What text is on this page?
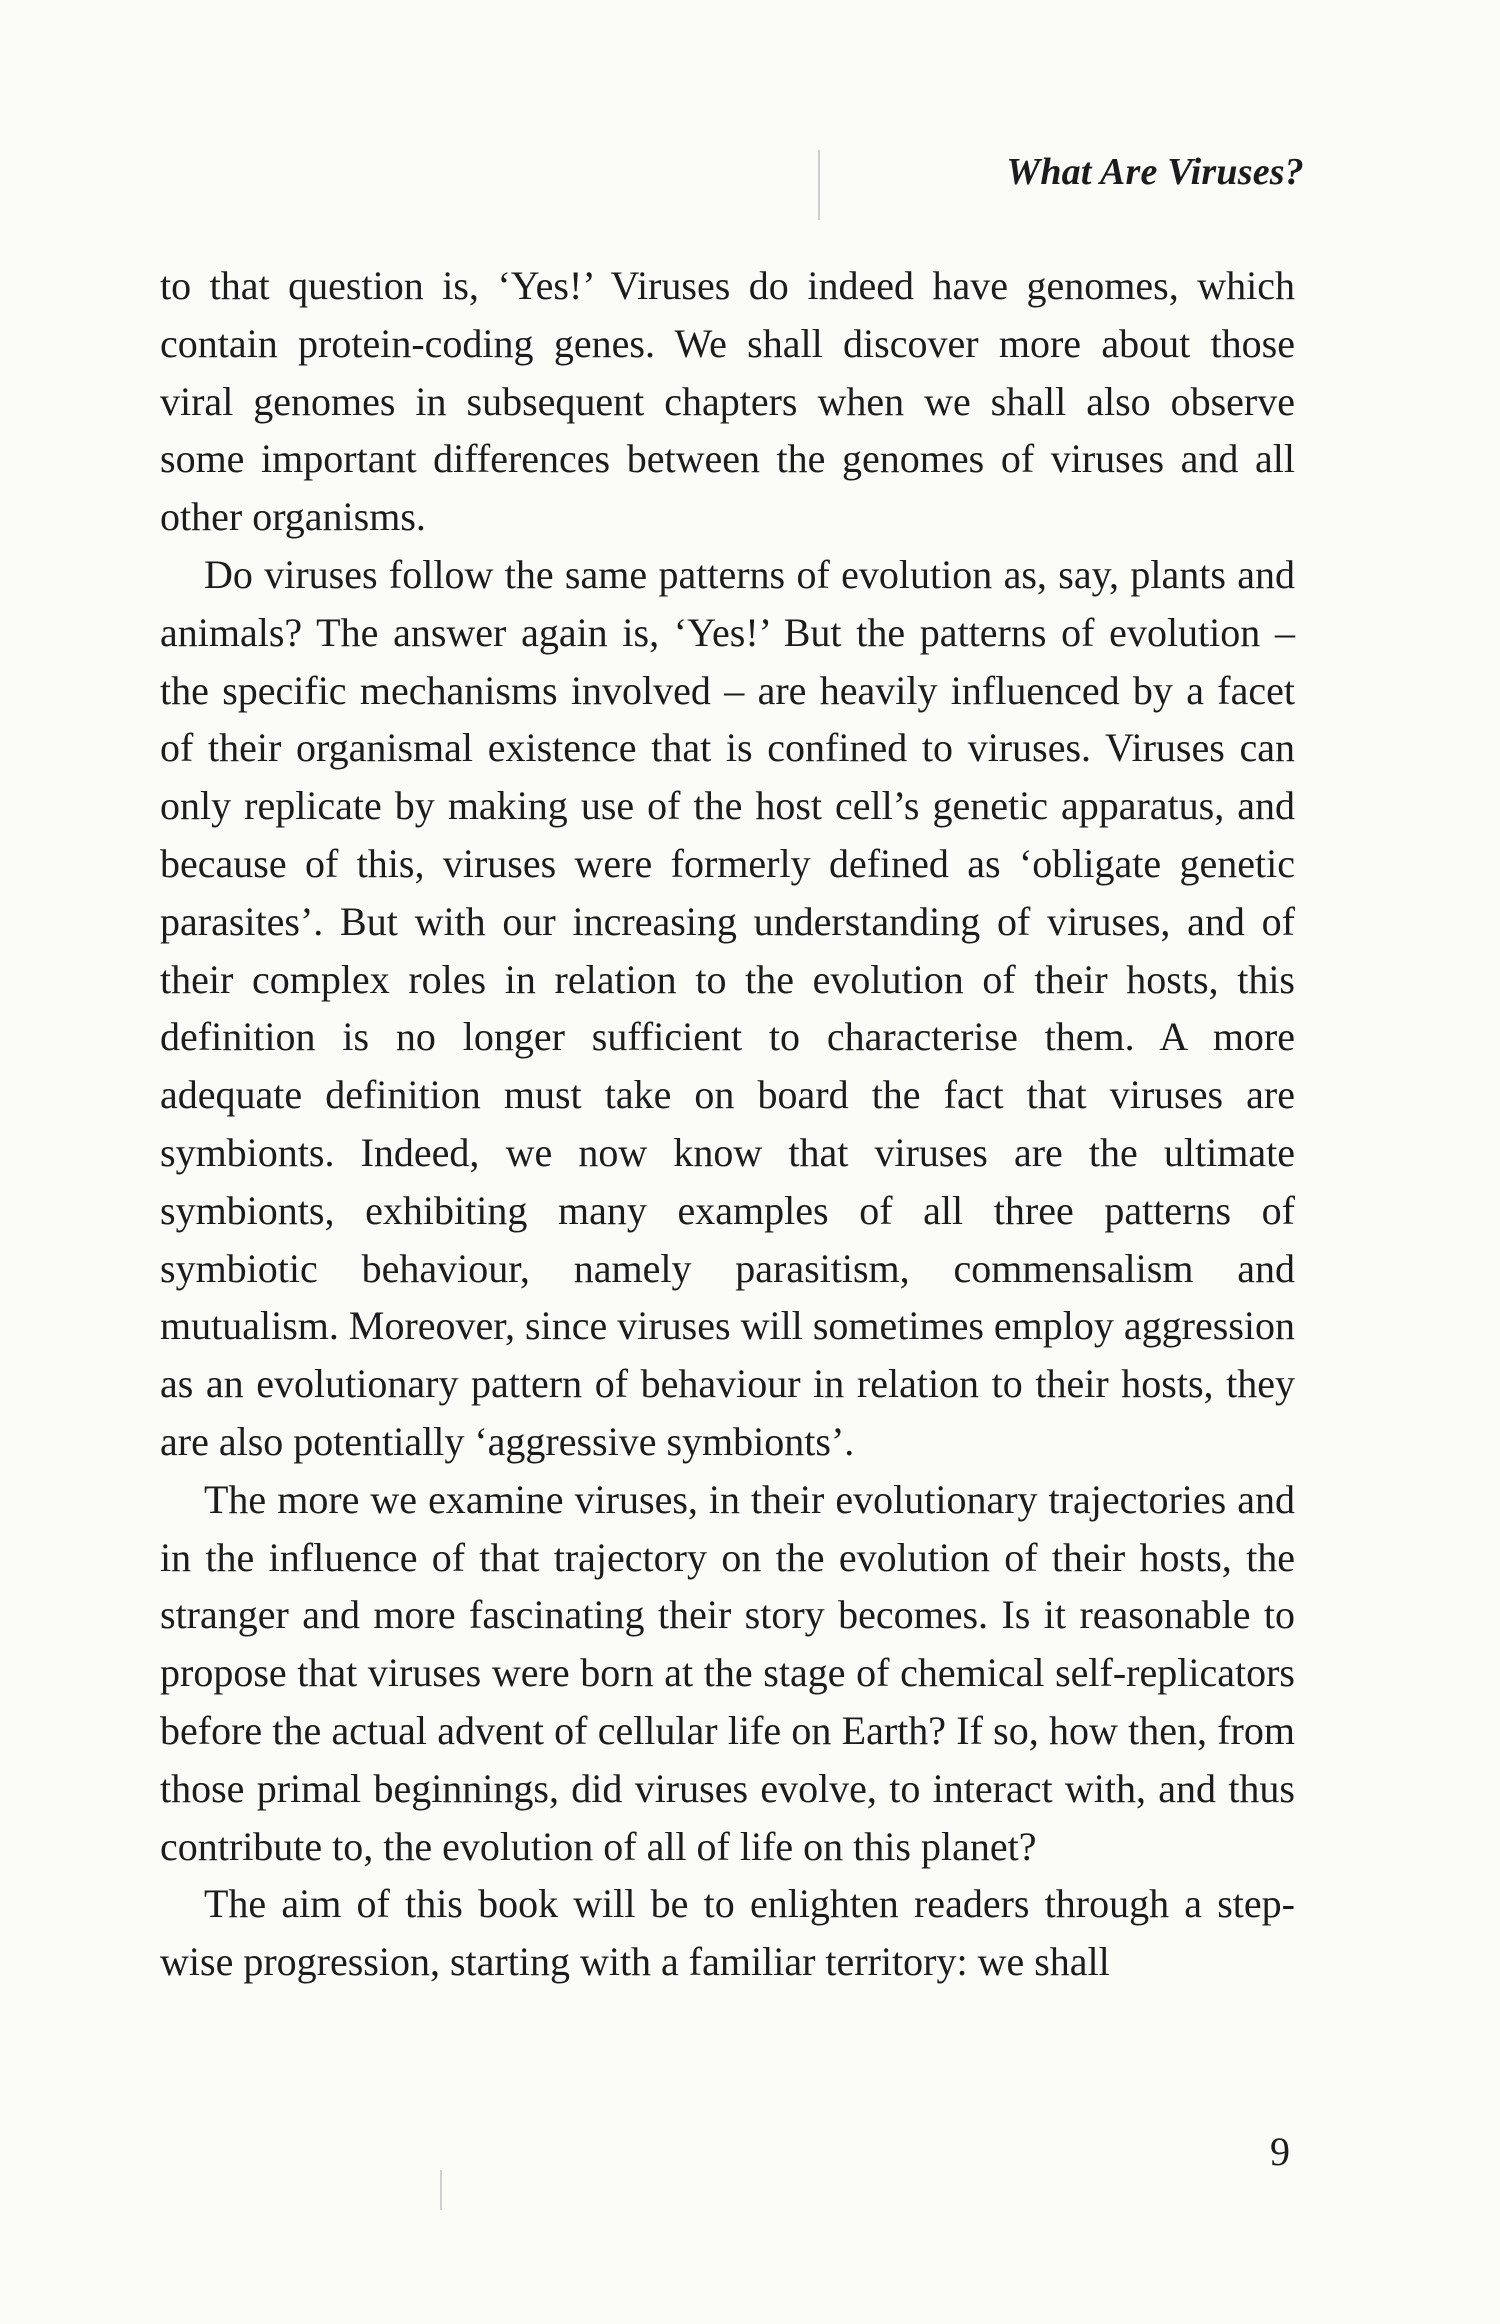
What Are Viruses?

to that question is, ‘Yes!’ Viruses do indeed have genomes, which contain protein-coding genes. We shall discover more about those viral genomes in subsequent chapters when we shall also observe some important differences between the genomes of viruses and all other organisms.

Do viruses follow the same patterns of evolution as, say, plants and animals? The answer again is, ‘Yes!’ But the patterns of evolution – the specific mechanisms involved – are heavily influenced by a facet of their organismal existence that is confined to viruses. Viruses can only replicate by making use of the host cell’s genetic apparatus, and because of this, viruses were formerly defined as ‘obligate genetic parasites’. But with our increasing understanding of viruses, and of their complex roles in relation to the evolution of their hosts, this definition is no longer sufficient to characterise them. A more adequate definition must take on board the fact that viruses are symbionts. Indeed, we now know that viruses are the ultimate symbionts, exhibiting many examples of all three patterns of symbiotic behaviour, namely parasitism, commensalism and mutualism. Moreover, since viruses will sometimes employ aggression as an evolutionary pattern of behaviour in relation to their hosts, they are also potentially ‘aggressive symbionts’.

The more we examine viruses, in their evolutionary trajectories and in the influence of that trajectory on the evolution of their hosts, the stranger and more fascinating their story becomes. Is it reasonable to propose that viruses were born at the stage of chemical self-replicators before the actual advent of cellular life on Earth? If so, how then, from those primal beginnings, did viruses evolve, to interact with, and thus contribute to, the evolution of all of life on this planet?

The aim of this book will be to enlighten readers through a step-wise progression, starting with a familiar territory: we shall

9
